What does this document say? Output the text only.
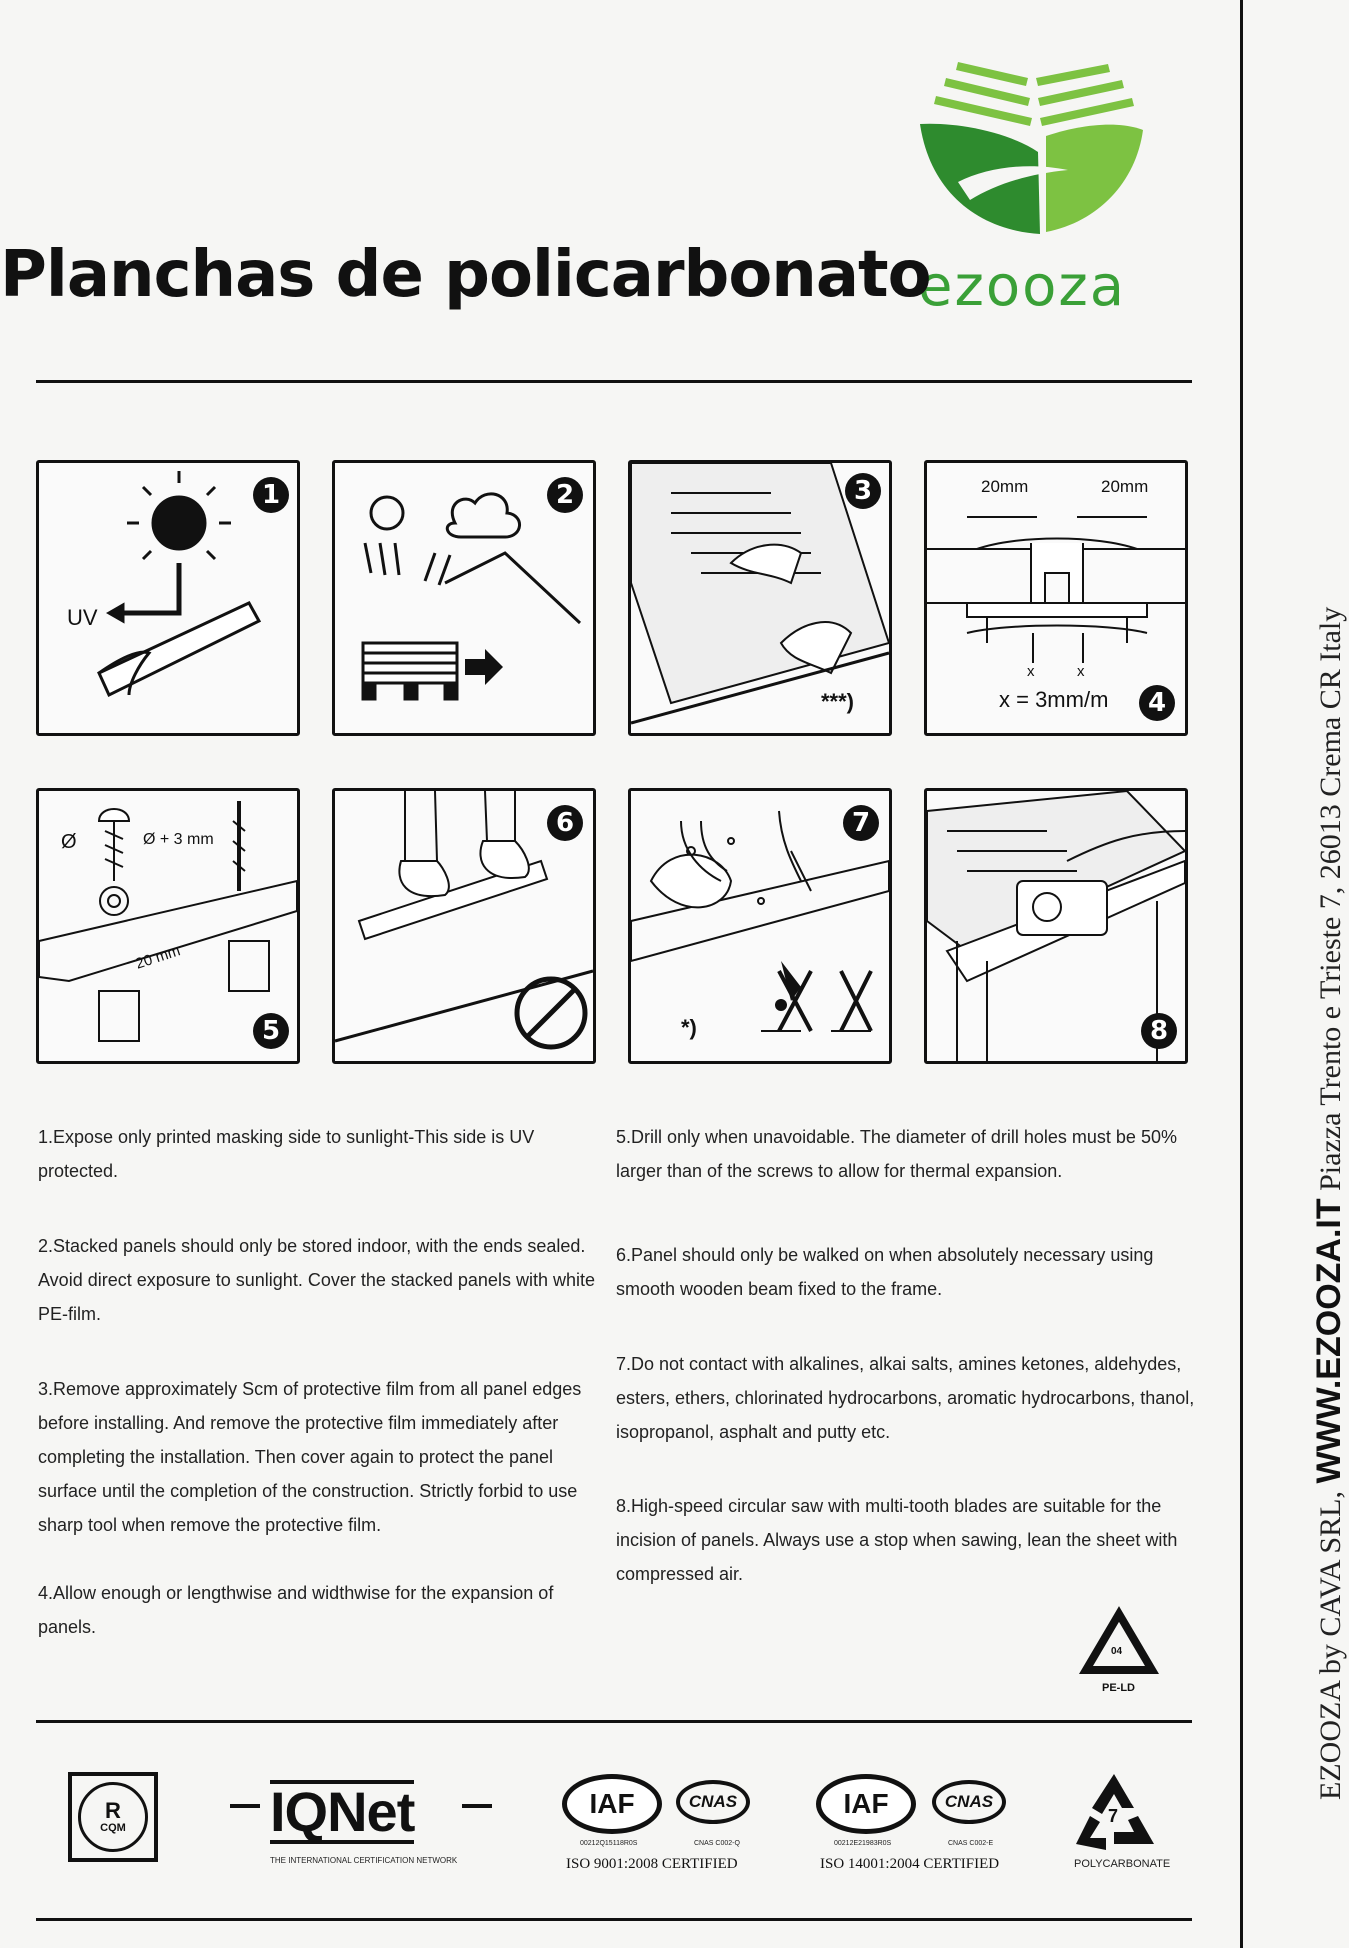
ezooza
Planchas de policarbonato
UV
1	2
***)
3	20mm	20mm
x	x
x = 3mm/m	4
Ø	Ø + 3 mm
20 mm
5
6
*)
7
8
1.Expose only printed masking side to sunlight-This side is UV protected.
2.Stacked panels should only be stored indoor, with the ends sealed. Avoid direct exposure to sunlight. Cover the stacked panels with white PE-film.
3.Remove approximately Scm of protective film from all panel edges before installing. And remove the protective film immediately after completing the installation. Then cover again to protect the panel surface until the completion of the construction. Strictly forbid to use sharp tool when remove the protective film.
4.Allow enough or lengthwise and widthwise for the expansion of panels.
5.Drill only when unavoidable. The diameter of drill holes must be 50% larger than of the screws to allow for thermal expansion.
6.Panel should only be walked on when absolutely necessary using smooth wooden beam fixed to the frame.
7.Do not contact with alkalines, alkai salts, amines ketones, aldehydes, esters, ethers, chlorinated hydrocarbons, aromatic hydrocarbons, thanol, isopropanol, asphalt and putty etc.
8.High-speed circular saw with multi-tooth blades are suitable for the incision of panels. Always use a stop when sawing, lean the sheet with compressed air.
04
PE-LD
R
CQM	IQNet
THE INTERNATIONAL CERTIFICATION NETWORK
IAF	CNAS
00212Q15118R0S	CNAS C002-Q
ISO 9001:2008 CERTIFIED
IAF	CNAS
00212E21983R0S	CNAS C002-E
ISO 14001:2004 CERTIFIED
7
POLYCARBONATE
EZOOZA by CAVA SRL, WWW.EZOOZA.IT Piazza Trento e Trieste 7, 26013 Crema CR Italy
